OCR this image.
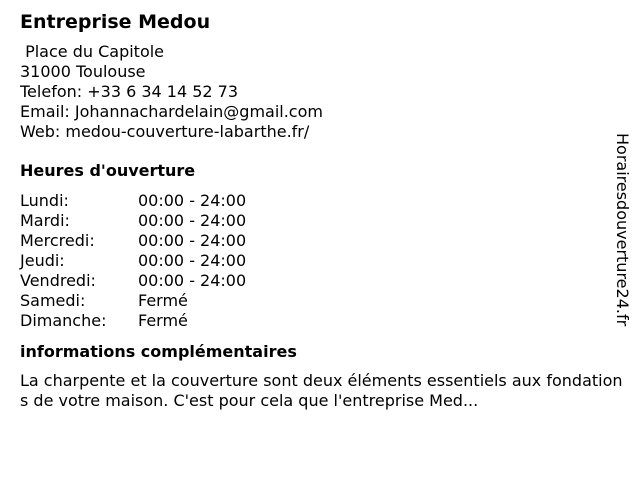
Entreprise Medou
Place du Capitole
31000 Toulouse
Telefon: +33 6 34 14 52 73
Email: Johannachardelain@gmail.com
Web: medou-couverture-labarthe.fr/
Heures d'ouverture
Lundi:	00:00 - 24:00
Mardi:	00:00 - 24:00
Mercredi:	00:00 - 24:00
Jeudi:	00:00 - 24:00
Vendredi:	00:00 - 24:00
Samedi:	Fermé
Dimanche:	Fermé
informations complémentaires

La charpente et la couverture sont deux éléments essentiels aux fondations de votre maison. C'est pour cela que l'entreprise Med...

Horairesdouverture24.fr
